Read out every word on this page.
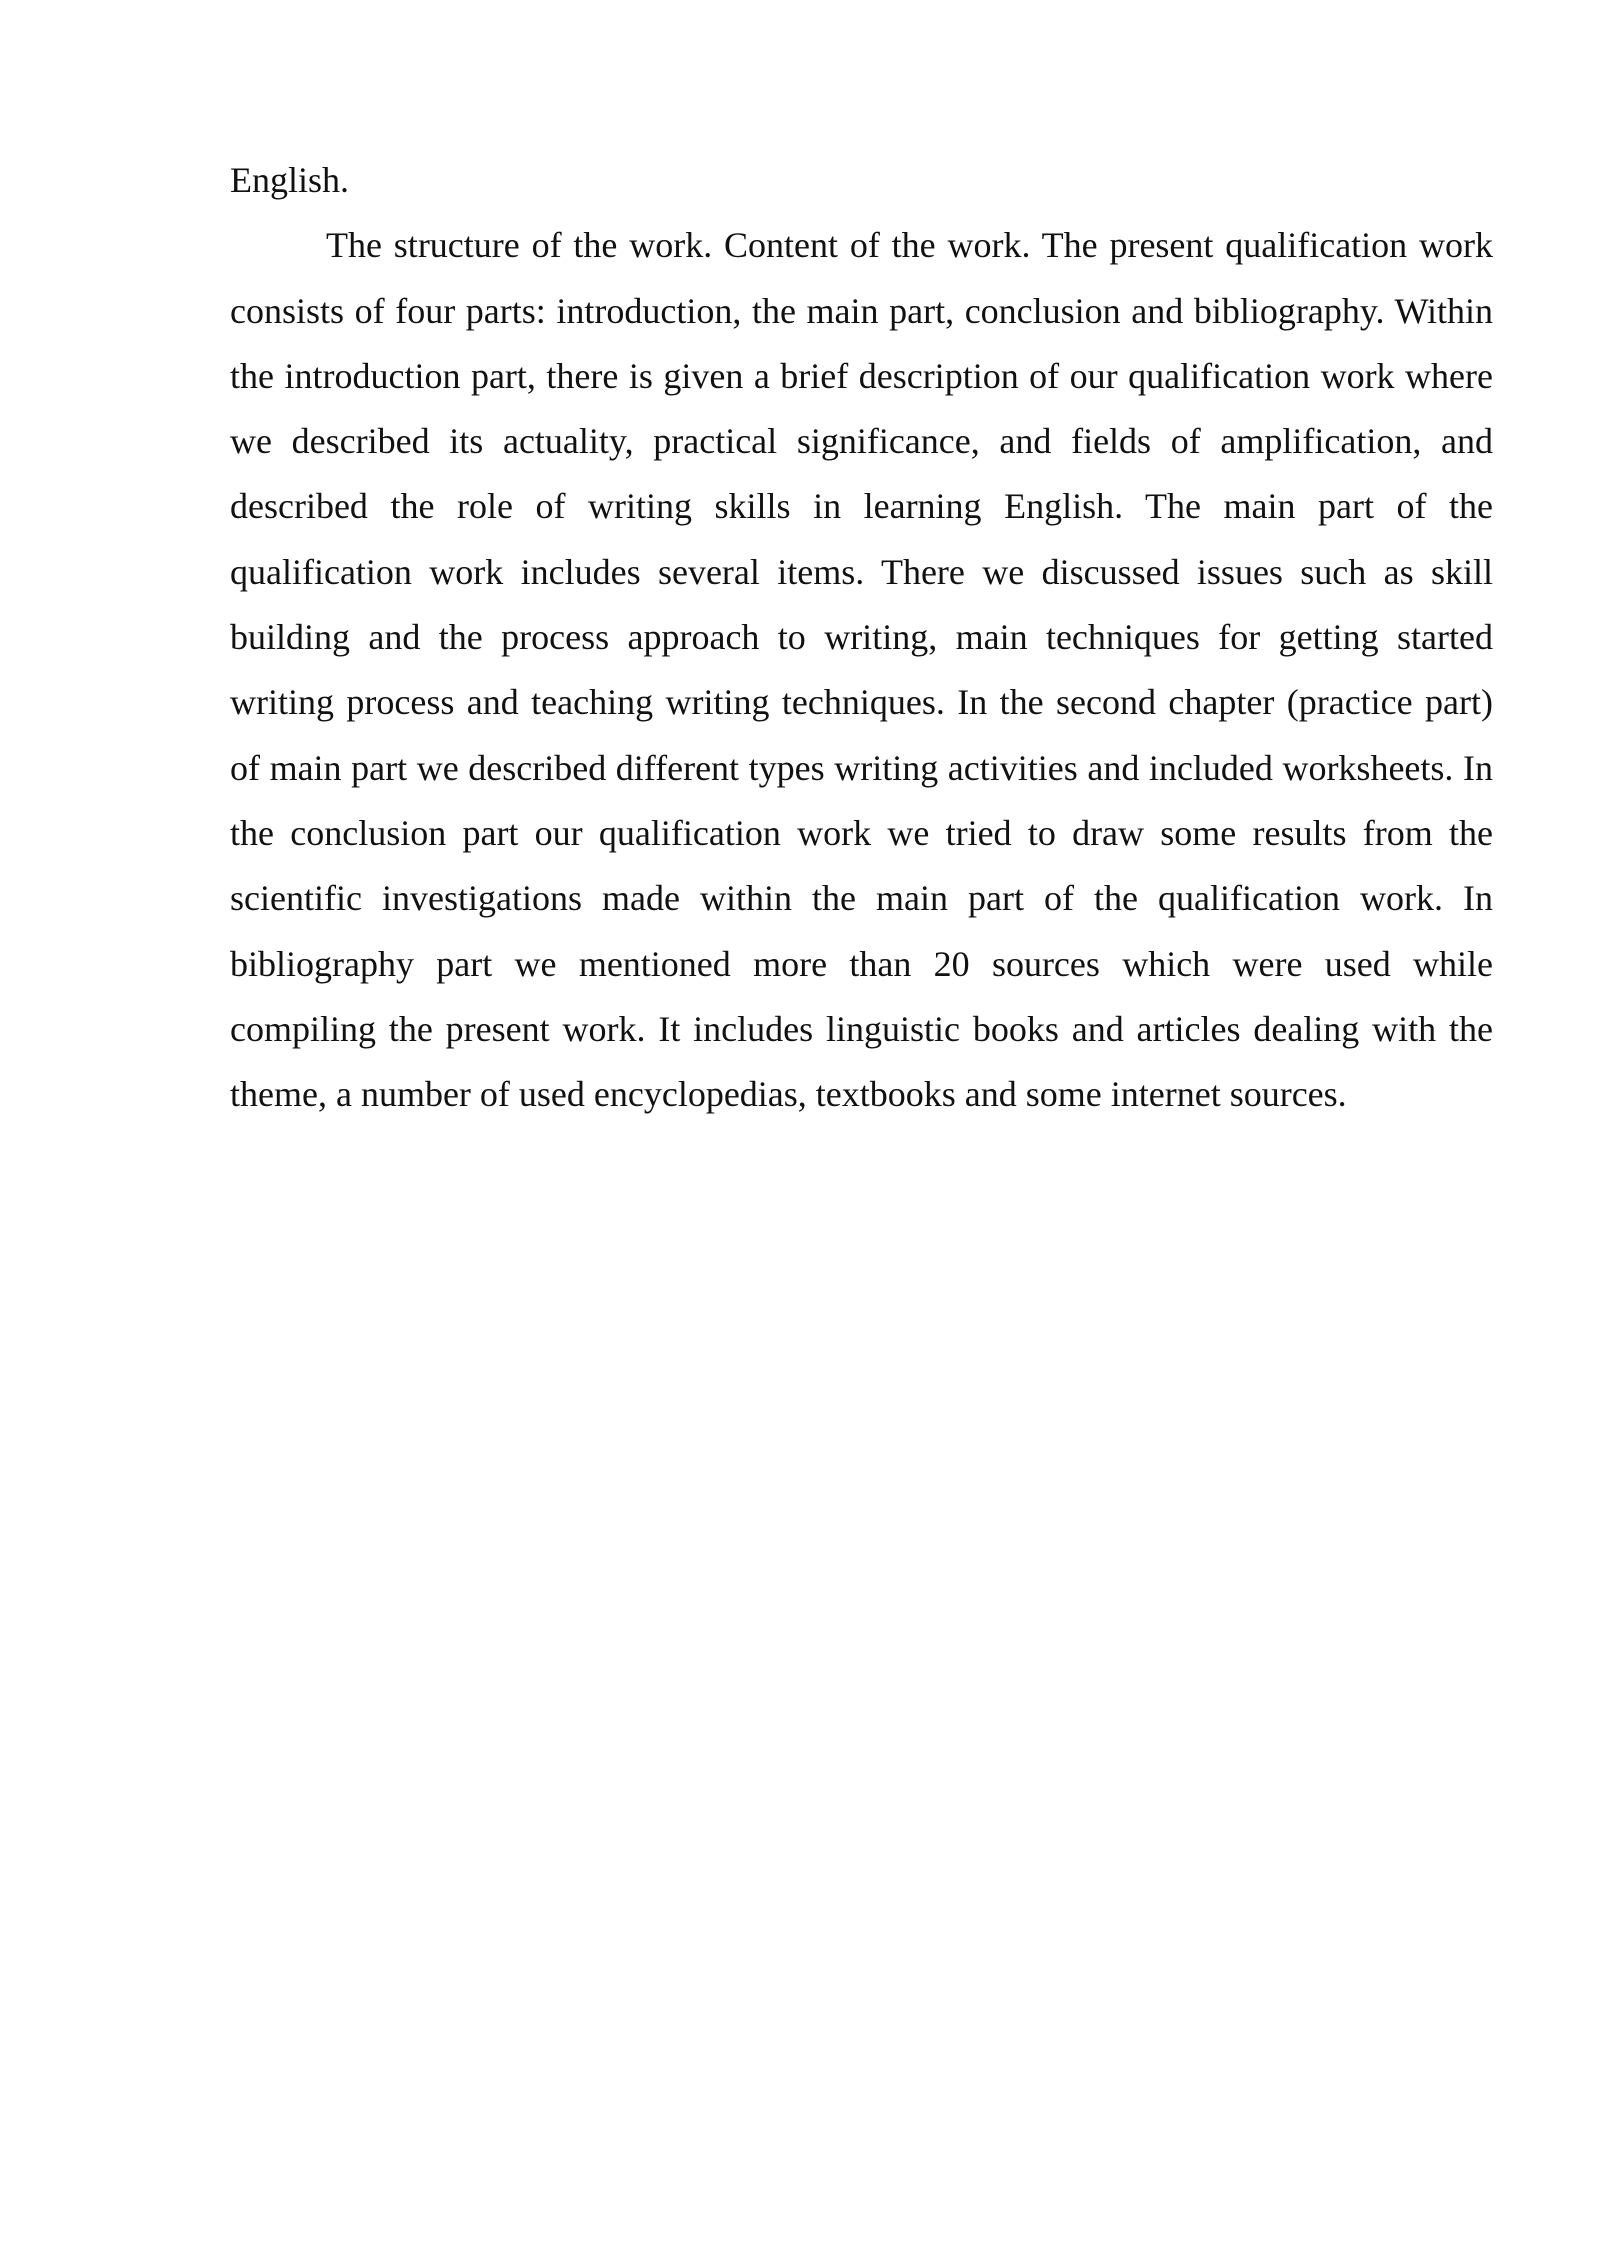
English.

The structure of the work. Content of the work. The present qualification work consists of four parts: introduction, the main part, conclusion and bibliography. Within the introduction part, there is given a brief description of our qualification work where we described its actuality, practical significance, and fields of amplification, and described the role of writing skills in learning English. The main part of the qualification work includes several items. There we discussed issues such as skill building and the process approach to writing, main techniques for getting started writing process and teaching writing techniques. In the second chapter (practice part) of main part we described different types writing activities and included worksheets. In the conclusion part our qualification work we tried to draw some results from the scientific investigations made within the main part of the qualification work. In bibliography part we mentioned more than 20 sources which were used while compiling the present work. It includes linguistic books and articles dealing with the theme, a number of used encyclopedias, textbooks and some internet sources.
